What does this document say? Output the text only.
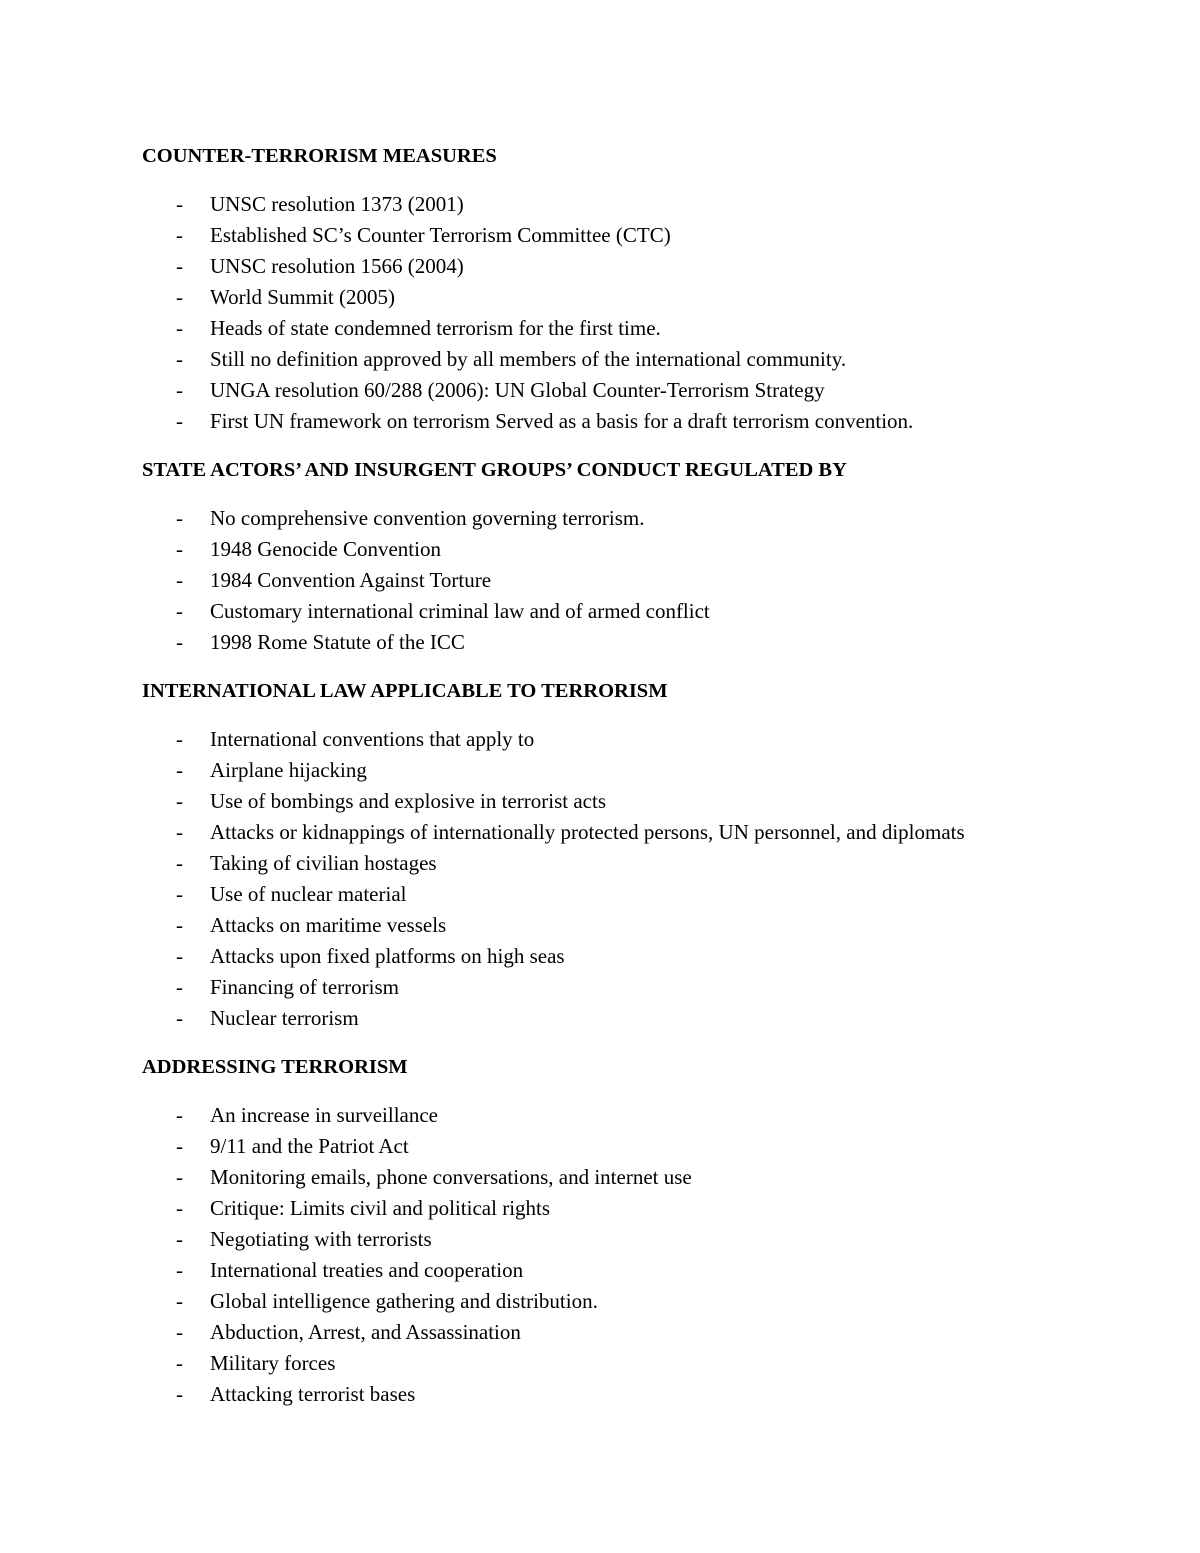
COUNTER-TERRORISM MEASURES
- UNSC resolution 1373 (2001)
- Established SC’s Counter Terrorism Committee (CTC)
- UNSC resolution 1566 (2004)
- World Summit (2005)
- Heads of state condemned terrorism for the first time.
- Still no definition approved by all members of the international community.
- UNGA resolution 60/288 (2006): UN Global Counter-Terrorism Strategy
- First UN framework on terrorism Served as a basis for a draft terrorism convention.
STATE ACTORS’ AND INSURGENT GROUPS’ CONDUCT REGULATED BY
- No comprehensive convention governing terrorism.
- 1948 Genocide Convention
- 1984 Convention Against Torture
- Customary international criminal law and of armed conflict
- 1998 Rome Statute of the ICC
INTERNATIONAL LAW APPLICABLE TO TERRORISM
- International conventions that apply to
- Airplane hijacking
- Use of bombings and explosive in terrorist acts
- Attacks or kidnappings of internationally protected persons, UN personnel, and diplomats
- Taking of civilian hostages
- Use of nuclear material
- Attacks on maritime vessels
- Attacks upon fixed platforms on high seas
- Financing of terrorism
- Nuclear terrorism
ADDRESSING TERRORISM
- An increase in surveillance
- 9/11 and the Patriot Act
- Monitoring emails, phone conversations, and internet use
- Critique: Limits civil and political rights
- Negotiating with terrorists
- International treaties and cooperation
- Global intelligence gathering and distribution.
- Abduction, Arrest, and Assassination
- Military forces
- Attacking terrorist bases
